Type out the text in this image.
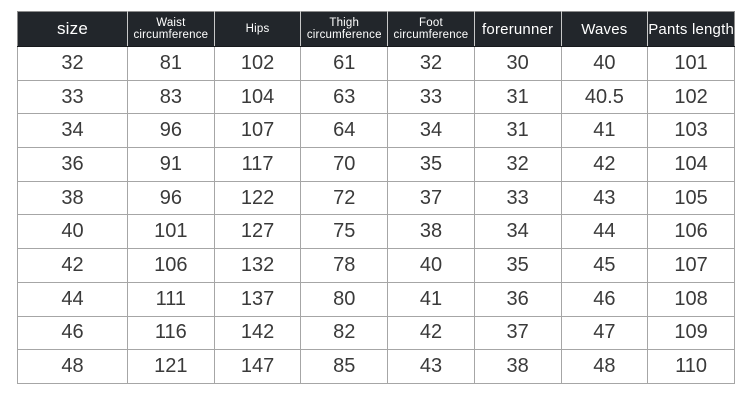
size	Waist circumference	Hips	Thigh circumference	Foot circumference	forerunner	Waves	Pants length
32	81	102	61	32	30	40	101
33	83	104	63	33	31	40.5	102
34	96	107	64	34	31	41	103
36	91	117	70	35	32	42	104
38	96	122	72	37	33	43	105
40	101	127	75	38	34	44	106
42	106	132	78	40	35	45	107
44	111	137	80	41	36	46	108
46	116	142	82	42	37	47	109
48	121	147	85	43	38	48	110
